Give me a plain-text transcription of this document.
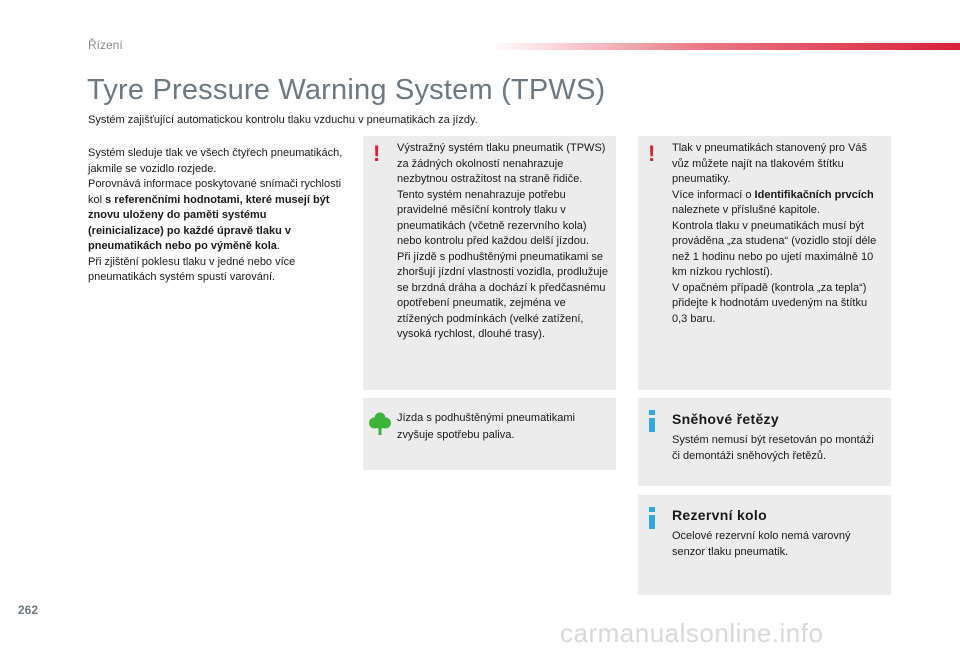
Řízení
Tyre Pressure Warning System (TPWS)
Systém zajišťující automatickou kontrolu tlaku vzduchu v pneumatikách za jízdy.
Systém sleduje tlak ve všech čtyřech pneumatikách, jakmile se vozidlo rozjede.
Porovnává informace poskytované snímači rychlosti kol s referenčními hodnotami, které musejí být znovu uloženy do paměti systému (reinicializace) po každé úpravě tlaku v pneumatikách nebo po výměně kola.
Při zjištění poklesu tlaku v jedné nebo více pneumatikách systém spustí varování.
! Výstražný systém tlaku pneumatik (TPWS) za žádných okolností nenahrazuje nezbytnou ostražitost na straně řidiče.
Tento systém nenahrazuje potřebu pravidelné měsíční kontroly tlaku v pneumatikách (včetně rezervního kola) nebo kontrolu před každou delší jízdou.
Při jízdě s podhuštěnými pneumatikami se zhoršují jízdní vlastnosti vozidla, prodlužuje se brzdná dráha a dochází k předčasnému opotřebení pneumatik, zejména ve ztížených podmínkách (velké zatížení, vysoká rychlost, dlouhé trasy).
! Tlak v pneumatikách stanovený pro Váš vůz můžete najít na tlakovém štítku pneumatiky.
Více informací o Identifikačních prvcích naleznete v příslušné kapitole.
Kontrola tlaku v pneumatikách musí být prováděna „za studena“ (vozidlo stojí déle než 1 hodinu nebo po ujetí maximálně 10 km nízkou rychlostí).
V opačném případě (kontrola „za tepla“) přidejte k hodnotám uvedeným na štítku 0,3 baru.
Jízda s podhuštěnými pneumatikami zvyšuje spotřebu paliva.
Sněhové řetězy
Systém nemusí být resetován po montáži či demontáži sněhových řetězů.
Rezervní kolo
Ocelové rezervní kolo nemá varovný senzor tlaku pneumatik.
262
carmanualsonline.info
